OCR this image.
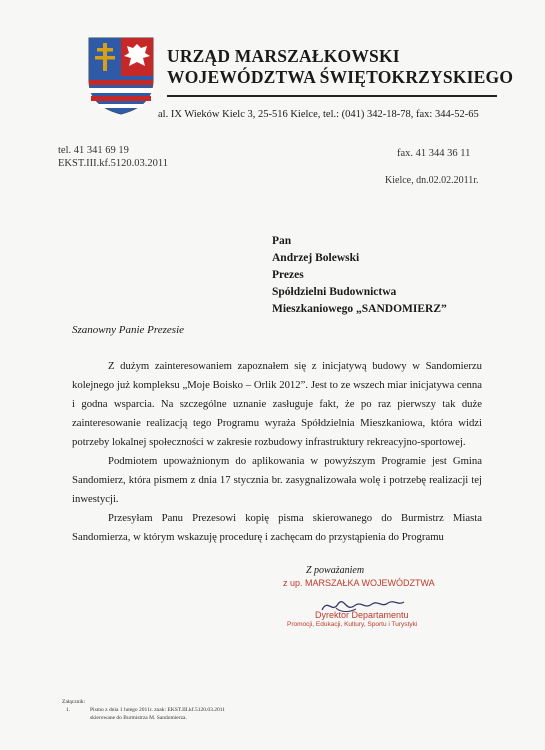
URZĄD MARSZAŁKOWSKI
WOJEWÓDZTWA ŚWIĘTOKRZYSKIEGO
al. IX Wieków Kielc 3, 25-516 Kielce, tel.: (041) 342-18-78, fax: 344-52-65
tel. 41 341 69 19
EKST.III.kf.5120.03.2011
fax. 41 344 36 11
Kielce, dn.02.02.2011r.
Pan
Andrzej Bolewski
Prezes
Spółdzielni Budownictwa
Mieszkaniowego „SANDOMIERZ”
Szanowny Panie Prezesie
Z dużym zainteresowaniem zapoznałem się z inicjatywą budowy w Sandomierzu kolejnego już kompleksu „Moje Boisko – Orlik 2012”. Jest to ze wszech miar inicjatywa cenna i godna wsparcia. Na szczególne uznanie zasługuje fakt, że po raz pierwszy tak duże zainteresowanie realizacją tego Programu wyraża Spółdzielnia Mieszkaniowa, która widzi potrzeby lokalnej społeczności w zakresie rozbudowy infrastruktury rekreacyjno-sportowej.
Podmiotem upoważnionym do aplikowania w powyższym Programie jest Gmina Sandomierz, która pismem z dnia 17 stycznia br. zasygnalizowała wolę i potrzebę realizacji tej inwestycji.
Przesyłam Panu Prezesowi kopię pisma skierowanego do Burmistrz Miasta Sandomierza, w którym wskazuję procedurę i zachęcam do przystąpienia do Programu
Z poważaniem
z up. MARSZAŁKA WOJEWÓDZTWA
Dyrektor Departamentu
Promocji, Edukacji, Kultury, Sportu i Turystyki
Załącznik:
1.	Pismo z dnia 1 lutego 2011r. znak: EKST.III.kf.5120.03.2011
skierowane do Burmistrza M. Sandomierza.
